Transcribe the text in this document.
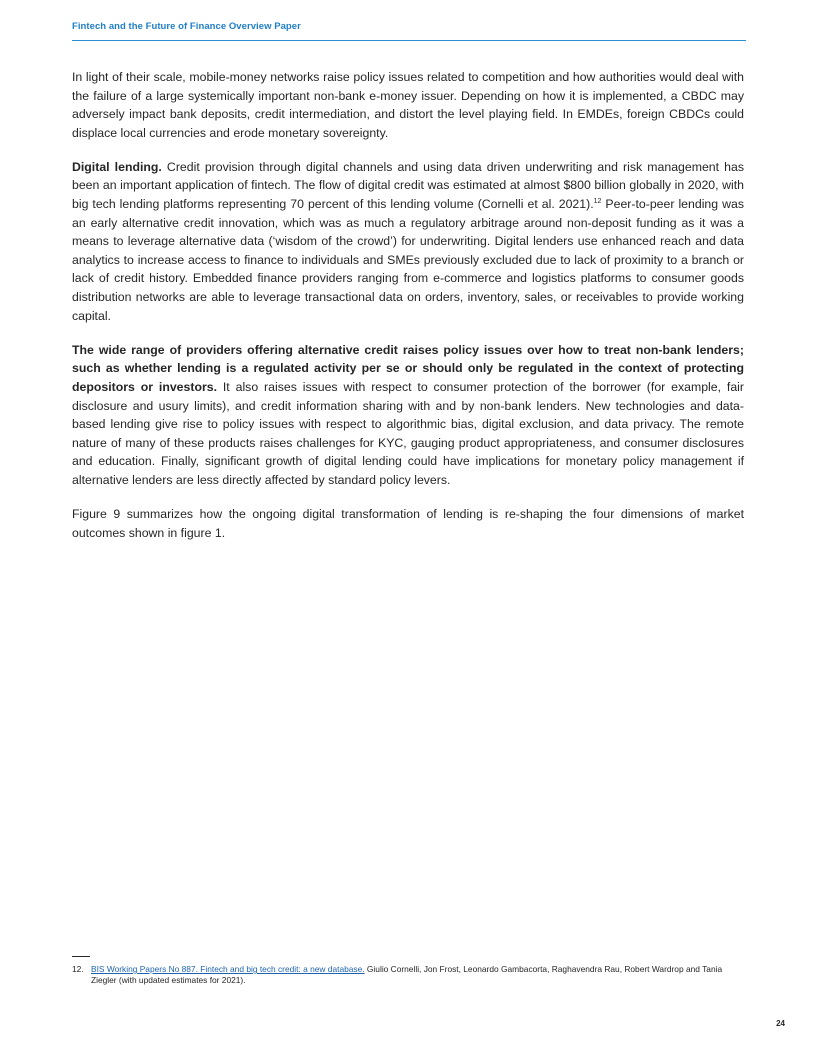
Fintech and the Future of Finance Overview Paper

In light of their scale, mobile-money networks raise policy issues related to competition and how authorities would deal with the failure of a large systemically important non-bank e-money issuer. Depending on how it is implemented, a CBDC may adversely impact bank deposits, credit intermediation, and distort the level playing field. In EMDEs, foreign CBDCs could displace local currencies and erode monetary sovereignty.

Digital lending. Credit provision through digital channels and using data driven underwriting and risk management has been an important application of fintech. The flow of digital credit was estimated at almost $800 billion globally in 2020, with big tech lending platforms representing 70 percent of this lending volume (Cornelli et al. 2021).$^{12}$ Peer-to-peer lending was an early alternative credit innovation, which was as much a regulatory arbitrage around non-deposit funding as it was a means to leverage alternative data (‘wisdom of the crowd’) for underwriting. Digital lenders use enhanced reach and data analytics to increase access to finance to individuals and SMEs previously excluded due to lack of proximity to a branch or lack of credit history. Embedded finance providers ranging from e-commerce and logistics platforms to consumer goods distribution networks are able to leverage transactional data on orders, inventory, sales, or receivables to provide working capital.

The wide range of providers offering alternative credit raises policy issues over how to treat non-bank lenders; such as whether lending is a regulated activity per se or should only be regulated in the context of protecting depositors or investors. It also raises issues with respect to consumer protection of the borrower (for example, fair disclosure and usury limits), and credit information sharing with and by non-bank lenders. New technologies and data-based lending give rise to policy issues with respect to algorithmic bias, digital exclusion, and data privacy. The remote nature of many of these products raises challenges for KYC, gauging product appropriateness, and consumer disclosures and education. Finally, significant growth of digital lending could have implications for monetary policy management if alternative lenders are less directly affected by standard policy levers.

Figure 9 summarizes how the ongoing digital transformation of lending is re-shaping the four dimensions of market outcomes shown in figure 1.

12. BIS Working Papers No 887. Fintech and big tech credit: a new database. Giulio Cornelli, Jon Frost, Leonardo Gambacorta, Raghavendra Rau, Robert Wardrop and Tania Ziegler (with updated estimates for 2021).
24
